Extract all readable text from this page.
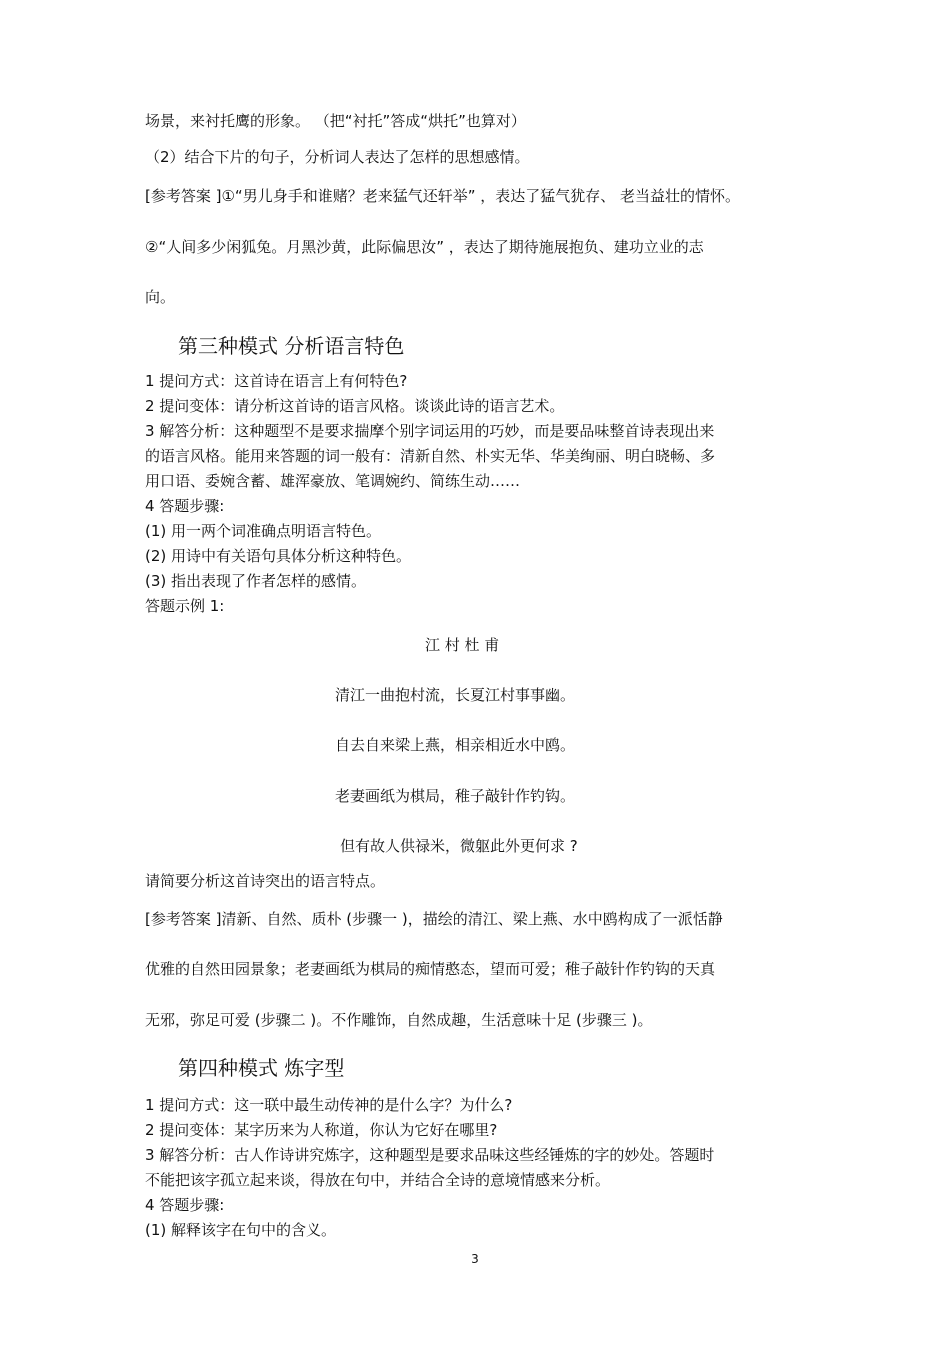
场景，来衬托鹰的形象。 （把“衬托”答成“烘托”也算对）
（2）结合下片的句子，分析词人表达了怎样的思想感情。
[参考答案 ]①“男儿身手和谁赌？老来猛气还轩举” ，表达了猛气犹存、 老当益壮的情怀。
②“人间多少闲狐兔。月黑沙黄，此际偏思汝” ，表达了期待施展抱负、建功立业的志
向。
第三种模式 分析语言特色
1 提问方式：这首诗在语言上有何特色?
2 提问变体：请分析这首诗的语言风格。谈谈此诗的语言艺术。
3 解答分析：这种题型不是要求揣摩个别字词运用的巧妙，而是要品味整首诗表现出来
的语言风格。能用来答题的词一般有：清新自然、朴实无华、华美绚丽、明白晓畅、多
用口语、委婉含蓄、雄浑豪放、笔调婉约、简练生动……
4 答题步骤:
(1) 用一两个词准确点明语言特色。
(2) 用诗中有关语句具体分析这种特色。
(3) 指出表现了作者怎样的感情。
答题示例 1:
江 村 杜 甫
清江一曲抱村流，长夏江村事事幽。
自去自来梁上燕，相亲相近水中鸥。
老妻画纸为棋局，稚子敲针作钓钩。
但有故人供禄米，微躯此外更何求 ?
请简要分析这首诗突出的语言特点。
[参考答案 ]清新、自然、质朴 (步骤一 )，描绘的清江、梁上燕、水中鸥构成了一派恬静
优雅的自然田园景象；老妻画纸为棋局的痴情憨态，望而可爱；稚子敲针作钓钩的天真
无邪，弥足可爱 (步骤二 )。不作雕饰，自然成趣，生活意味十足 (步骤三 )。
第四种模式 炼字型
1 提问方式：这一联中最生动传神的是什么字？为什么?
2 提问变体：某字历来为人称道，你认为它好在哪里?
3 解答分析：古人作诗讲究炼字，这种题型是要求品味这些经锤炼的字的妙处。答题时
不能把该字孤立起来谈，得放在句中，并结合全诗的意境情感来分析。
4 答题步骤:
(1) 解释该字在句中的含义。
3
